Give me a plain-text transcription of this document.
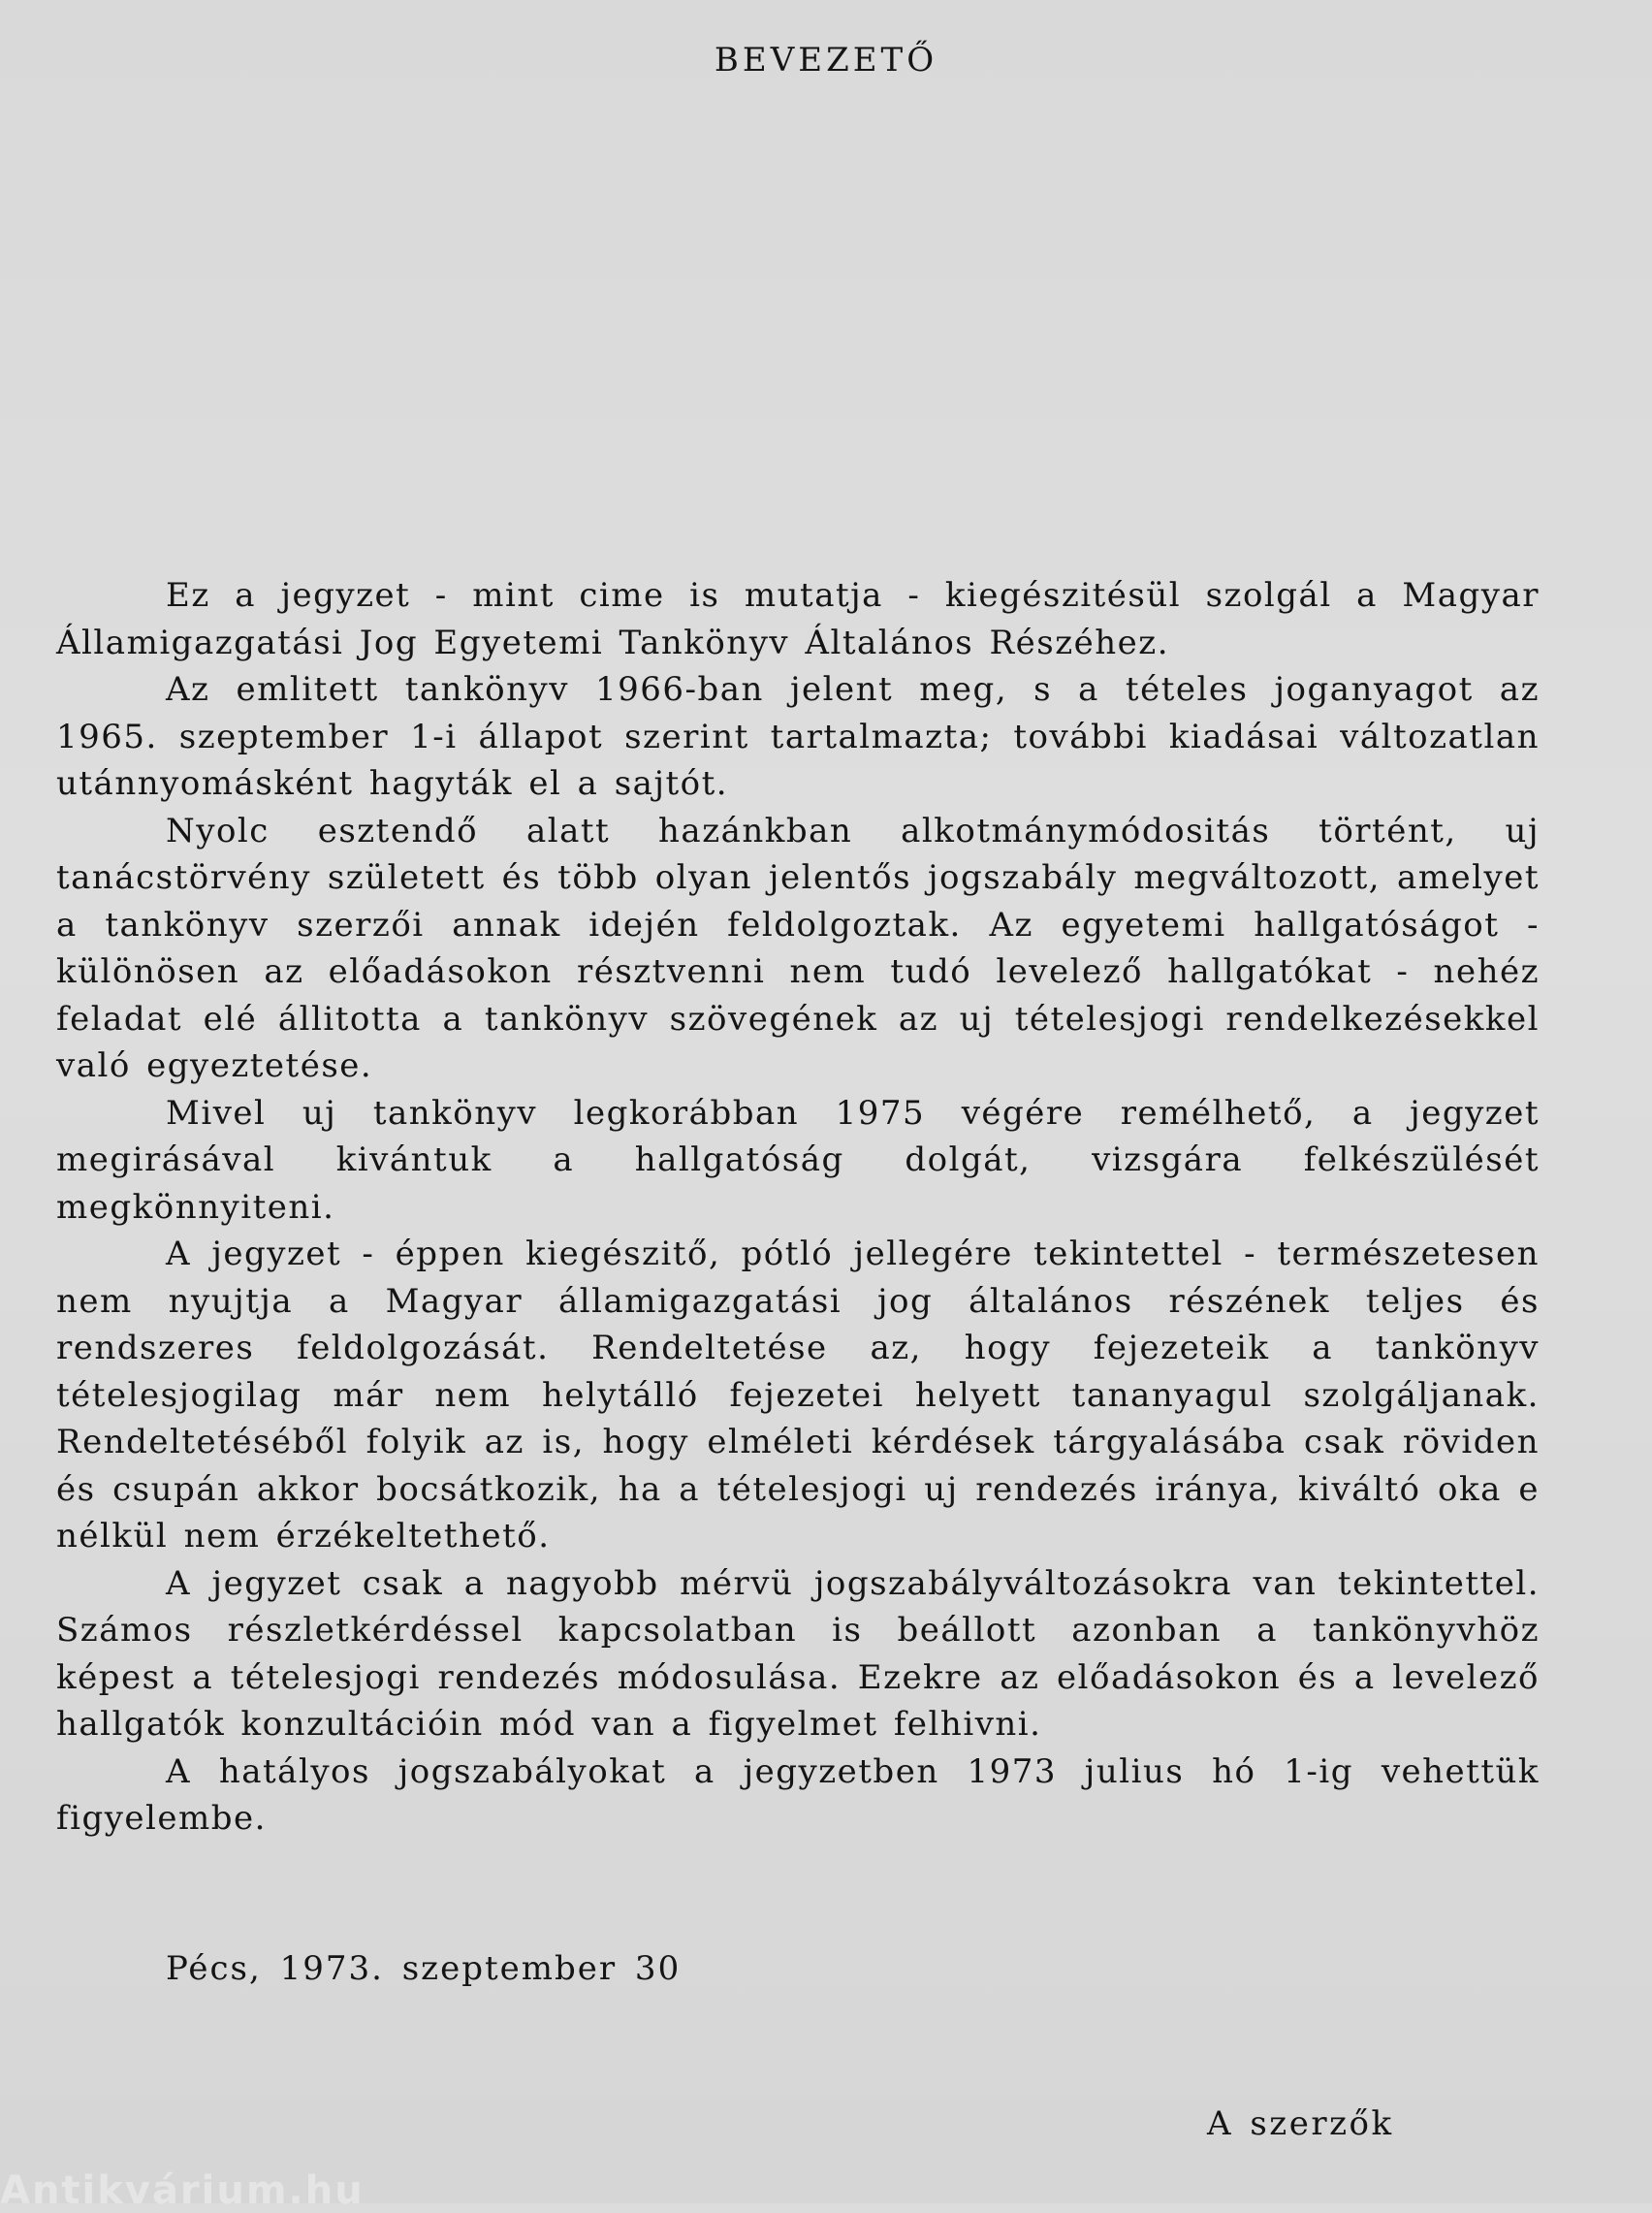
BEVEZETŐ

Ez a jegyzet - mint cime is mutatja - kiegészitésül szolgál a Magyar Államigazgatási Jog Egyetemi Tankönyv Általános Részéhez.

Az emlitett tankönyv 1966-ban jelent meg, s a tételes joganyagot az 1965. szeptember 1-i állapot szerint tartalmazta; további kiadásai változatlan utánnyomásként hagyták el a sajtót.

Nyolc esztendő alatt hazánkban alkotmánymódositás történt, uj tanácstörvény született és több olyan jelentős jogszabály megváltozott, amelyet a tankönyv szerzői annak idején feldolgoztak. Az egyetemi hallgatóságot - különösen az előadásokon résztvenni nem tudó levelező hallgatókat - nehéz feladat elé állitotta a tankönyv szövegének az uj tételesjogi rendelkezésekkel való egyeztetése.

Mivel uj tankönyv legkorábban 1975 végére remélhető, a jegyzet megirásával kivántuk a hallgatóság dolgát, vizsgára felkészülését megkönnyiteni.

A jegyzet - éppen kiegészitő, pótló jellegére tekintettel - természetesen nem nyujtja a Magyar államigazgatási jog általános részének teljes és rendszeres feldolgozását. Rendeltetése az, hogy fejezeteik a tankönyv tételesjogilag már nem helytálló fejezetei helyett tananyagul szolgáljanak. Rendeltetéséből folyik az is, hogy elméleti kérdések tárgyalásába csak röviden és csupán akkor bocsátkozik, ha a tételesjogi uj rendezés iránya, kiváltó oka e nélkül nem érzékeltethető.

A jegyzet csak a nagyobb mérvü jogszabályváltozásokra van tekintettel. Számos részletkérdéssel kapcsolatban is beállott azonban a tankönyvhöz képest a tételesjogi rendezés módosulása. Ezekre az előadásokon és a levelező hallgatók konzultációin mód van a figyelmet felhivni.

A hatályos jogszabályokat a jegyzetben 1973 julius hó 1-ig vehettük figyelembe.

Pécs, 1973. szeptember 30
A szerzők
Antikvárium.hu
